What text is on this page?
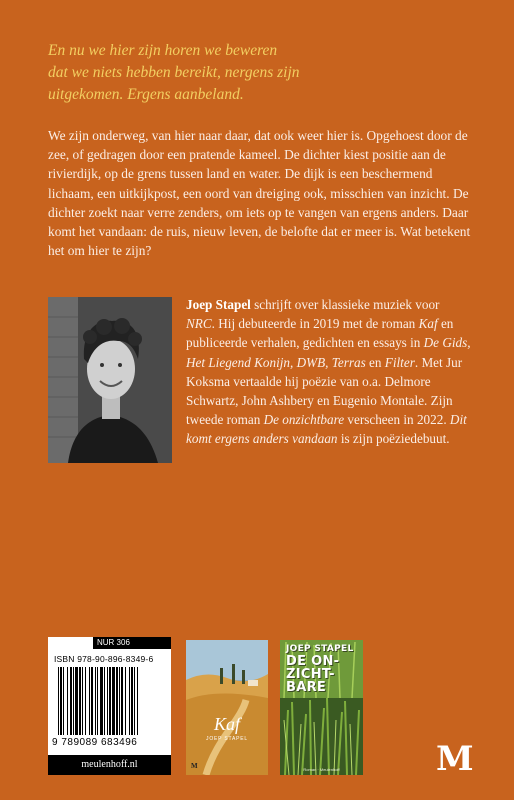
En nu we hier zijn horen we beweren
dat we niets hebben bereikt, nergens zijn
uitgekomen. Ergens aanbeland.
We zijn onderweg, van hier naar daar, dat ook weer hier is. Opgehoest door de zee, of gedragen door een pratende kameel. De dichter kiest positie aan de rivierdijk, op de grens tussen land en water. De dijk is een beschermend lichaam, een uitkijkpost, een oord van dreiging ook, misschien van inzicht. De dichter zoekt naar verre zenders, om iets op te vangen van ergens anders. Daar komt het vandaan: de ruis, nieuw leven, de belofte dat er meer is. Wat betekent het om hier te zijn?
Joep Stapel schrijft over klassieke muziek voor NRC. Hij debuteerde in 2019 met de roman Kaf en publiceerde verhalen, gedichten en essays in De Gids, Het Liegend Konijn, DWB, Terras en Filter. Met Jur Koksma vertaalde hij poëzie van o.a. Delmore Schwartz, John Ashbery en Eugenio Montale. Zijn tweede roman De onzichtbare verscheen in 2022. Dit komt ergens anders vandaan is zijn poëziedebuut.
NUR 306
ISBN 978-90-896-8349-6
9 789089 683496
meulenhoff.nl
Kaf
JOEP STAPEL
M
JOEP STAPEL
DE ON-
ZICHT-
BARE
Roman · Meulenhoff	M
